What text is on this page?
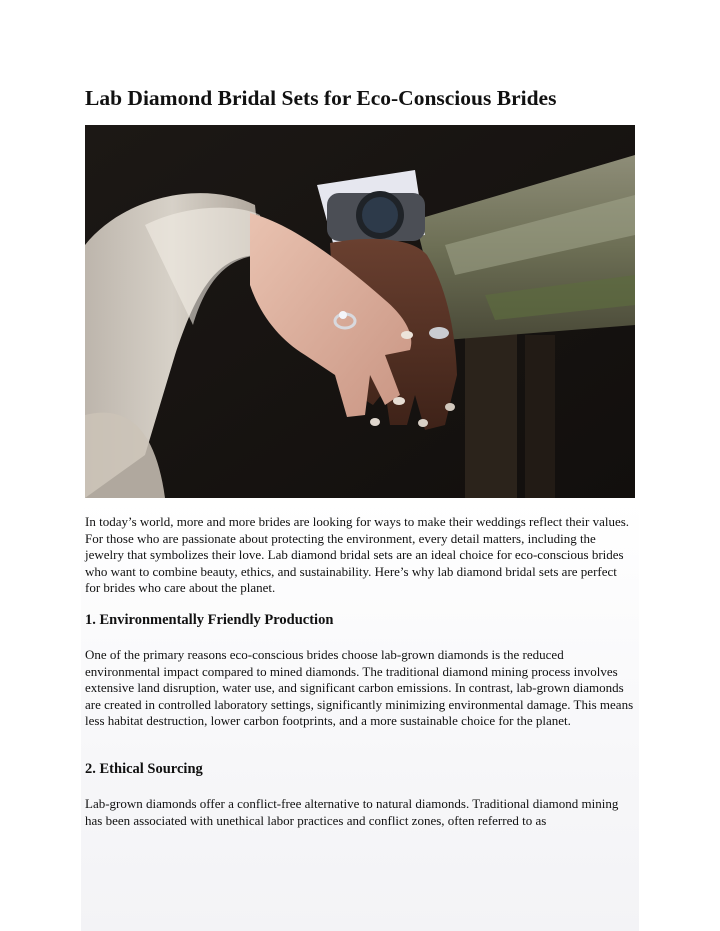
Lab Diamond Bridal Sets for Eco-Conscious Brides

In today’s world, more and more brides are looking for ways to make their weddings reflect their values. For those who are passionate about protecting the environment, every detail matters, including the jewelry that symbolizes their love. Lab diamond bridal sets are an ideal choice for eco-conscious brides who want to combine beauty, ethics, and sustainability. Here’s why lab diamond bridal sets are perfect for brides who care about the planet.

1. Environmentally Friendly Production

One of the primary reasons eco-conscious brides choose lab-grown diamonds is the reduced environmental impact compared to mined diamonds. The traditional diamond mining process involves extensive land disruption, water use, and significant carbon emissions. In contrast, lab-grown diamonds are created in controlled laboratory settings, significantly minimizing environmental damage. This means less habitat destruction, lower carbon footprints, and a more sustainable choice for the planet.

2. Ethical Sourcing

Lab-grown diamonds offer a conflict-free alternative to natural diamonds. Traditional diamond mining has been associated with unethical labor practices and conflict zones, often referred to as
